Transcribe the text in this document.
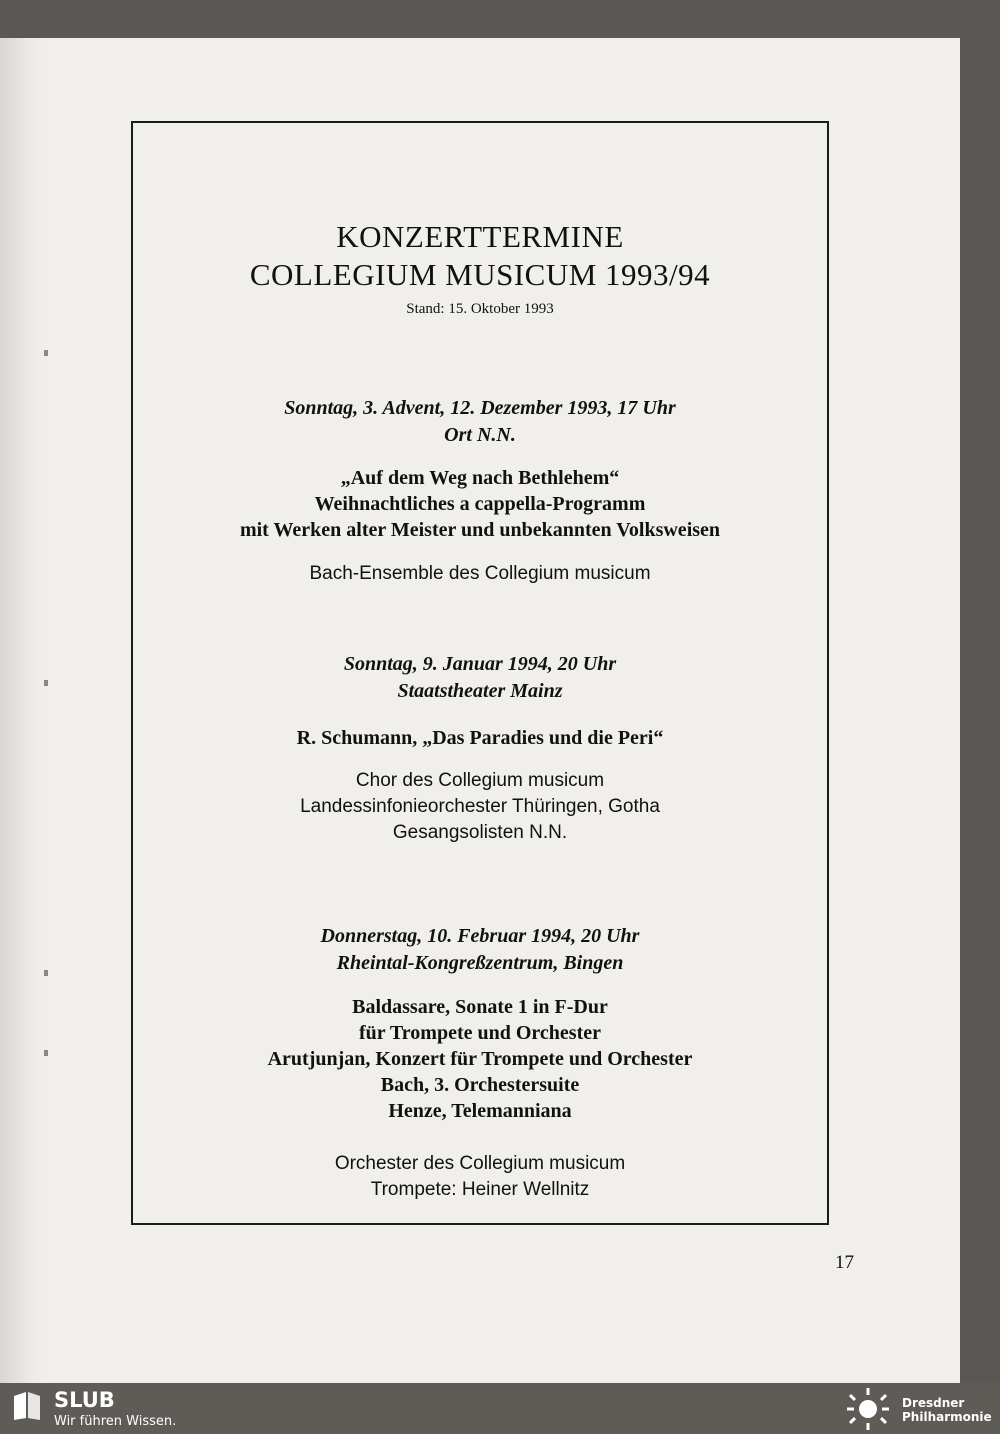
KONZERTTERMINE
COLLEGIUM MUSICUM 1993/94
Stand: 15. Oktober 1993
Sonntag, 3. Advent, 12. Dezember 1993, 17 Uhr
Ort N.N.
„Auf dem Weg nach Bethlehem“
Weihnachtliches a cappella-Programm
mit Werken alter Meister und unbekannten Volksweisen
Bach-Ensemble des Collegium musicum
Sonntag, 9. Januar 1994, 20 Uhr
Staatstheater Mainz
R. Schumann, „Das Paradies und die Peri“
Chor des Collegium musicum
Landessinfonieorchester Thüringen, Gotha
Gesangsolisten N.N.
Donnerstag, 10. Februar 1994, 20 Uhr
Rheintal-Kongreßzentrum, Bingen
Baldassare, Sonate 1 in F-Dur
für Trompete und Orchester
Arutjunjan, Konzert für Trompete und Orchester
Bach, 3. Orchestersuite
Henze, Telemanniana
Orchester des Collegium musicum
Trompete: Heiner Wellnitz
17
SLUB
Wir führen Wissen.
Dresdner
Philharmonie
